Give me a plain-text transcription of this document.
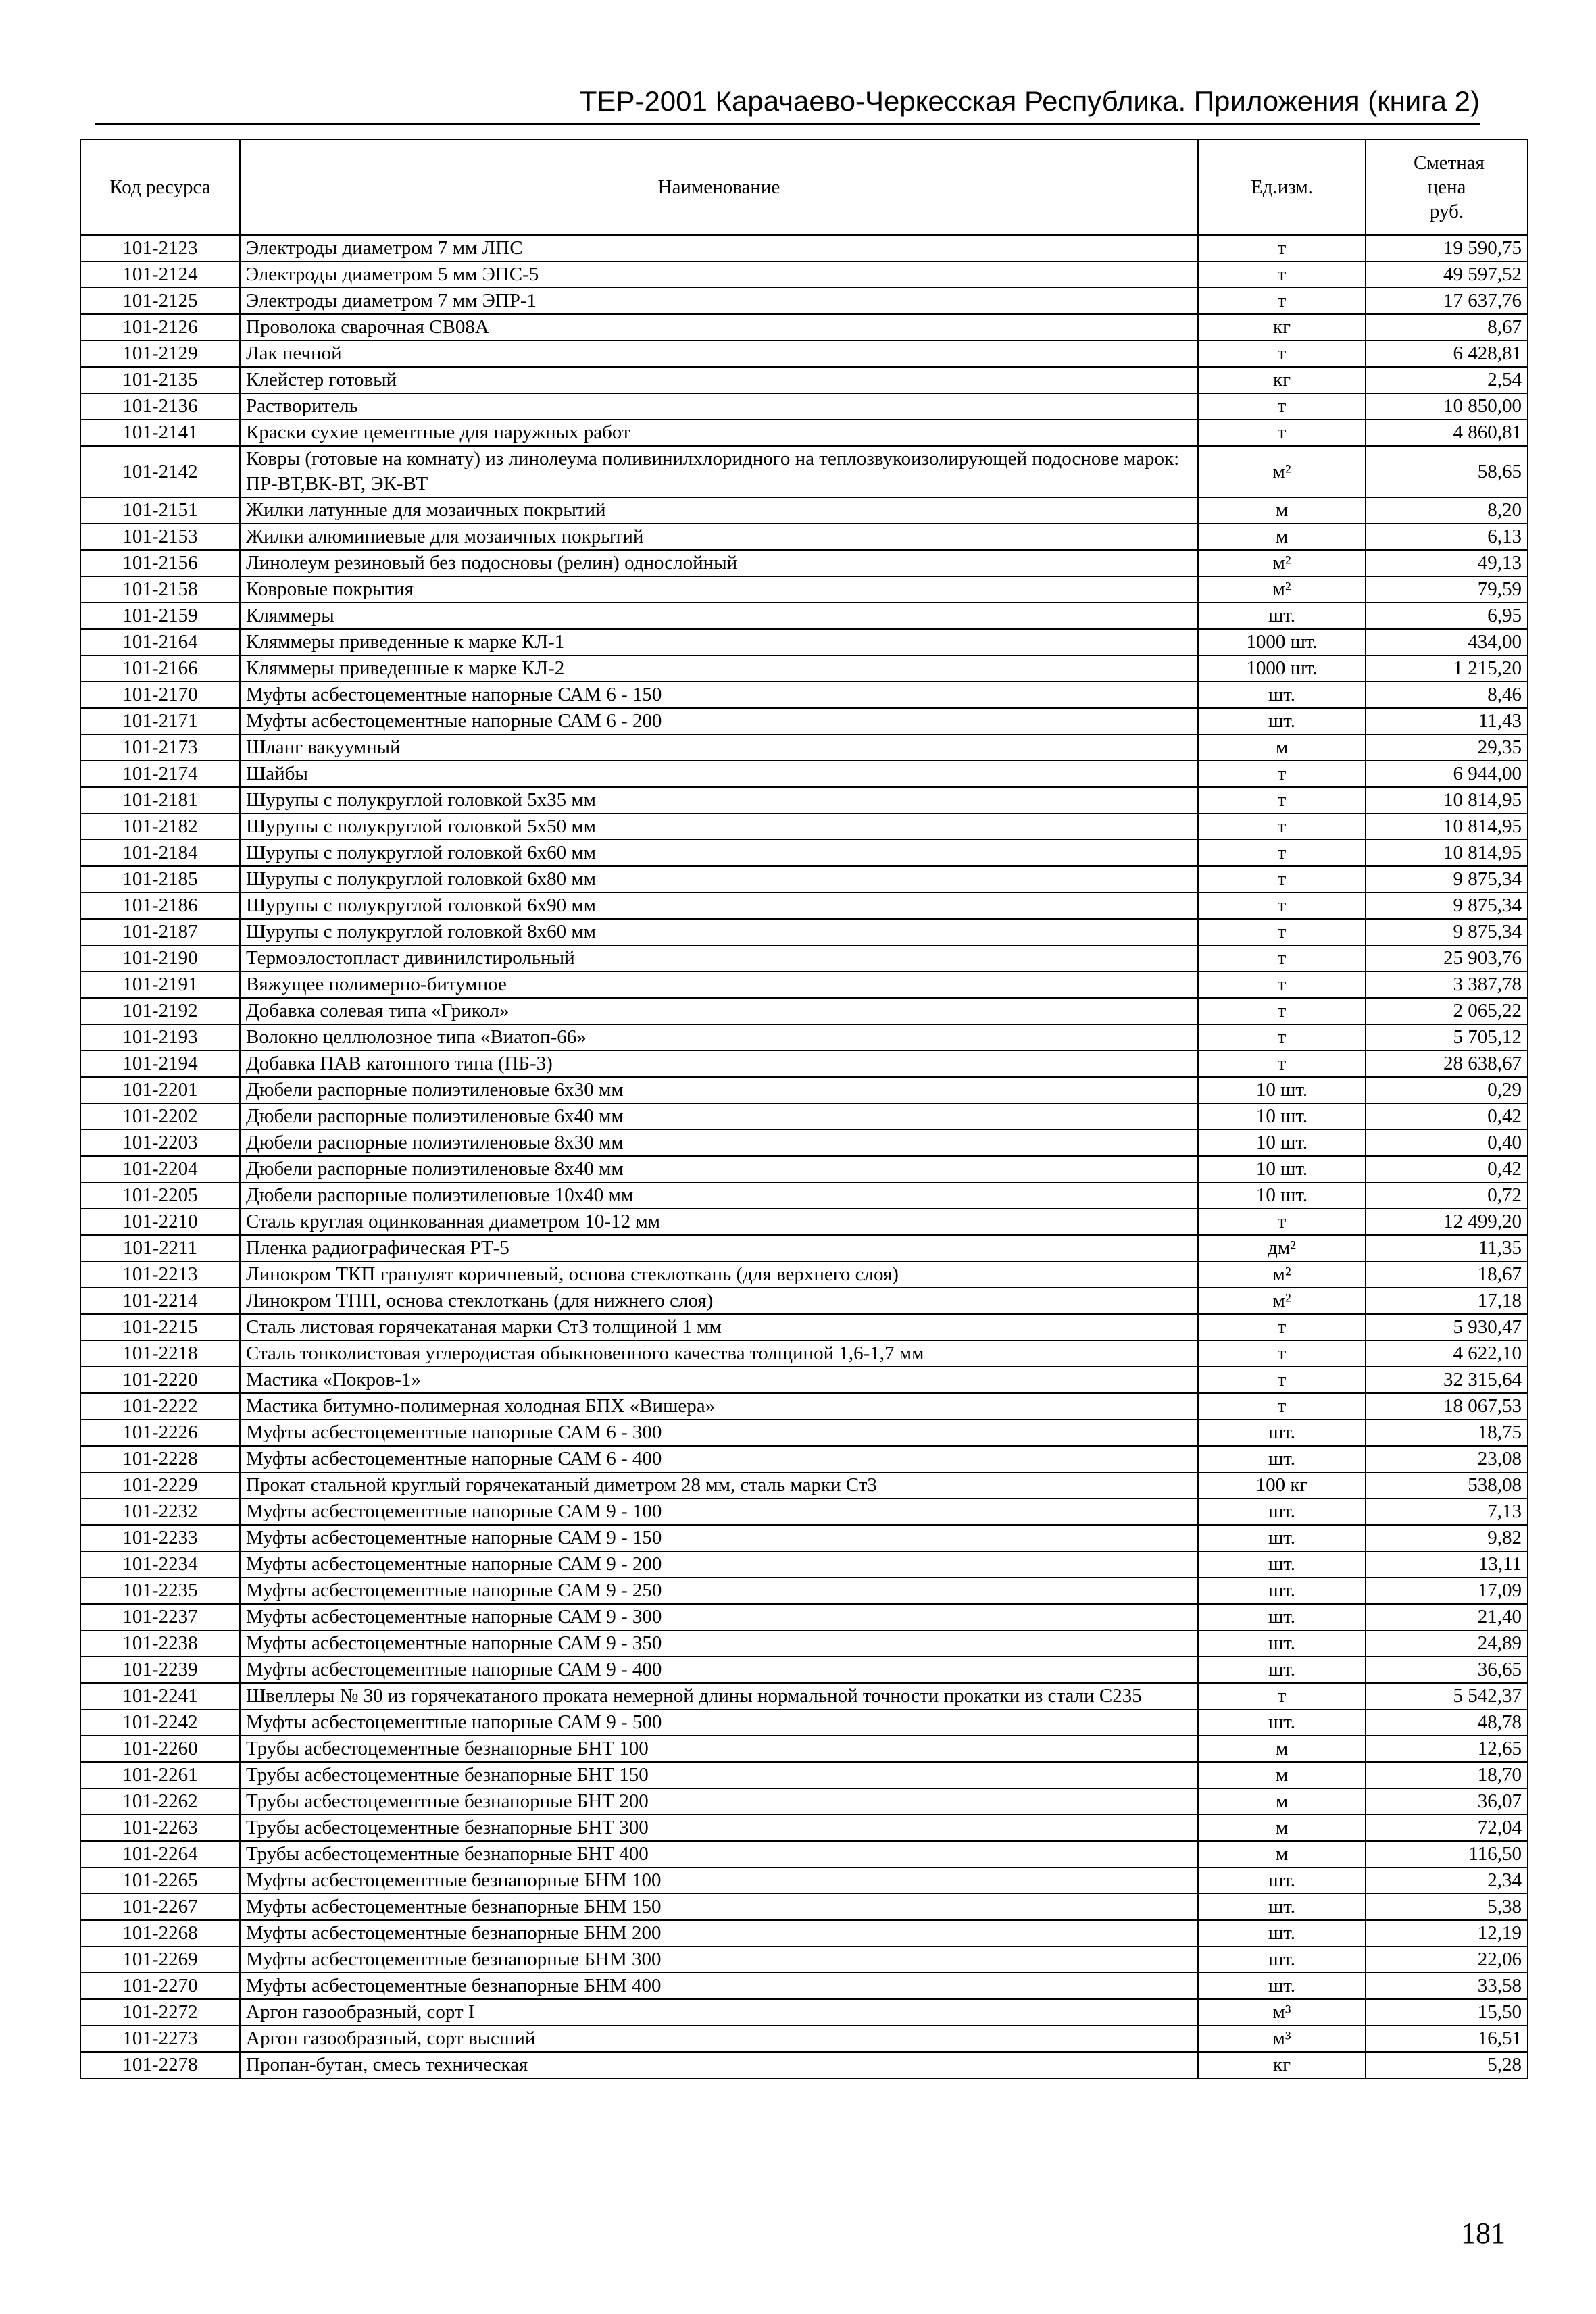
ТЕР-2001 Карачаево-Черкесская Республика. Приложения (книга 2)
Код ресурса	Наименование	Ед.изм.	Сметная цена руб.
101-2123	Электроды диаметром 7 мм ЛПС	т	19 590,75
101-2124	Электроды диаметром 5 мм ЭПС-5	т	49 597,52
101-2125	Электроды диаметром 7 мм ЭПР-1	т	17 637,76
101-2126	Проволока сварочная СВ08А	кг	8,67
101-2129	Лак печной	т	6 428,81
101-2135	Клейстер готовый	кг	2,54
101-2136	Растворитель	т	10 850,00
101-2141	Краски сухие цементные для наружных работ	т	4 860,81
101-2142	Ковры (готовые на комнату) из линолеума поливинилхлоридного на теплозвукоизолирующей подоснове марок: ПР-ВТ,ВК-ВТ, ЭК-ВТ	м²	58,65
101-2151	Жилки латунные для мозаичных покрытий	м	8,20
101-2153	Жилки алюминиевые для мозаичных покрытий	м	6,13
101-2156	Линолеум резиновый без подосновы (релин) однослойный	м²	49,13
101-2158	Ковровые покрытия	м²	79,59
101-2159	Кляммеры	шт.	6,95
101-2164	Кляммеры приведенные к марке КЛ-1	1000 шт.	434,00
101-2166	Кляммеры приведенные к марке КЛ-2	1000 шт.	1 215,20
101-2170	Муфты асбестоцементные напорные САМ 6 - 150	шт.	8,46
101-2171	Муфты асбестоцементные напорные САМ 6 - 200	шт.	11,43
101-2173	Шланг вакуумный	м	29,35
101-2174	Шайбы	т	6 944,00
101-2181	Шурупы с полукруглой головкой 5х35 мм	т	10 814,95
101-2182	Шурупы с полукруглой головкой 5х50 мм	т	10 814,95
101-2184	Шурупы с полукруглой головкой 6х60 мм	т	10 814,95
101-2185	Шурупы с полукруглой головкой 6х80 мм	т	9 875,34
101-2186	Шурупы с полукруглой головкой 6х90 мм	т	9 875,34
101-2187	Шурупы с полукруглой головкой 8х60 мм	т	9 875,34
101-2190	Термоэлостопласт дивинилстирольный	т	25 903,76
101-2191	Вяжущее полимерно-битумное	т	3 387,78
101-2192	Добавка солевая типа «Грикол»	т	2 065,22
101-2193	Волокно целлюлозное типа «Виатоп-66»	т	5 705,12
101-2194	Добавка ПАВ катонного типа (ПБ-3)	т	28 638,67
101-2201	Дюбели распорные полиэтиленовые 6х30 мм	10 шт.	0,29
101-2202	Дюбели распорные полиэтиленовые 6х40 мм	10 шт.	0,42
101-2203	Дюбели распорные полиэтиленовые 8х30 мм	10 шт.	0,40
101-2204	Дюбели распорные полиэтиленовые 8х40 мм	10 шт.	0,42
101-2205	Дюбели распорные полиэтиленовые 10х40 мм	10 шт.	0,72
101-2210	Сталь круглая оцинкованная диаметром 10-12 мм	т	12 499,20
101-2211	Пленка радиографическая РТ-5	дм²	11,35
101-2213	Линокром ТКП гранулят коричневый, основа стеклоткань (для верхнего слоя)	м²	18,67
101-2214	Линокром ТПП, основа стеклоткань (для нижнего слоя)	м²	17,18
101-2215	Сталь листовая горячекатаная марки Ст3 толщиной 1 мм	т	5 930,47
101-2218	Сталь тонколистовая углеродистая обыкновенного качества толщиной 1,6-1,7 мм	т	4 622,10
101-2220	Мастика «Покров-1»	т	32 315,64
101-2222	Мастика битумно-полимерная холодная БПХ «Вишера»	т	18 067,53
101-2226	Муфты асбестоцементные напорные САМ 6 - 300	шт.	18,75
101-2228	Муфты асбестоцементные напорные САМ 6 - 400	шт.	23,08
101-2229	Прокат стальной круглый горячекатаный диметром 28 мм, сталь марки Ст3	100 кг	538,08
101-2232	Муфты асбестоцементные напорные САМ 9 - 100	шт.	7,13
101-2233	Муфты асбестоцементные напорные САМ 9 - 150	шт.	9,82
101-2234	Муфты асбестоцементные напорные САМ 9 - 200	шт.	13,11
101-2235	Муфты асбестоцементные напорные САМ 9 - 250	шт.	17,09
101-2237	Муфты асбестоцементные напорные САМ 9 - 300	шт.	21,40
101-2238	Муфты асбестоцементные напорные САМ 9 - 350	шт.	24,89
101-2239	Муфты асбестоцементные напорные САМ 9 - 400	шт.	36,65
101-2241	Швеллеры № 30 из горячекатаного проката немерной длины нормальной точности прокатки из стали С235	т	5 542,37
101-2242	Муфты асбестоцементные напорные САМ 9 - 500	шт.	48,78
101-2260	Трубы асбестоцементные безнапорные БНТ 100	м	12,65
101-2261	Трубы асбестоцементные безнапорные БНТ 150	м	18,70
101-2262	Трубы асбестоцементные безнапорные БНТ 200	м	36,07
101-2263	Трубы асбестоцементные безнапорные БНТ 300	м	72,04
101-2264	Трубы асбестоцементные безнапорные БНТ 400	м	116,50
101-2265	Муфты асбестоцементные безнапорные БНМ 100	шт.	2,34
101-2267	Муфты асбестоцементные безнапорные БНМ 150	шт.	5,38
101-2268	Муфты асбестоцементные безнапорные БНМ 200	шт.	12,19
101-2269	Муфты асбестоцементные безнапорные БНМ 300	шт.	22,06
101-2270	Муфты асбестоцементные безнапорные БНМ 400	шт.	33,58
101-2272	Аргон газообразный, сорт I	м³	15,50
101-2273	Аргон газообразный, сорт высший	м³	16,51
101-2278	Пропан-бутан, смесь техническая	кг	5,28
181
